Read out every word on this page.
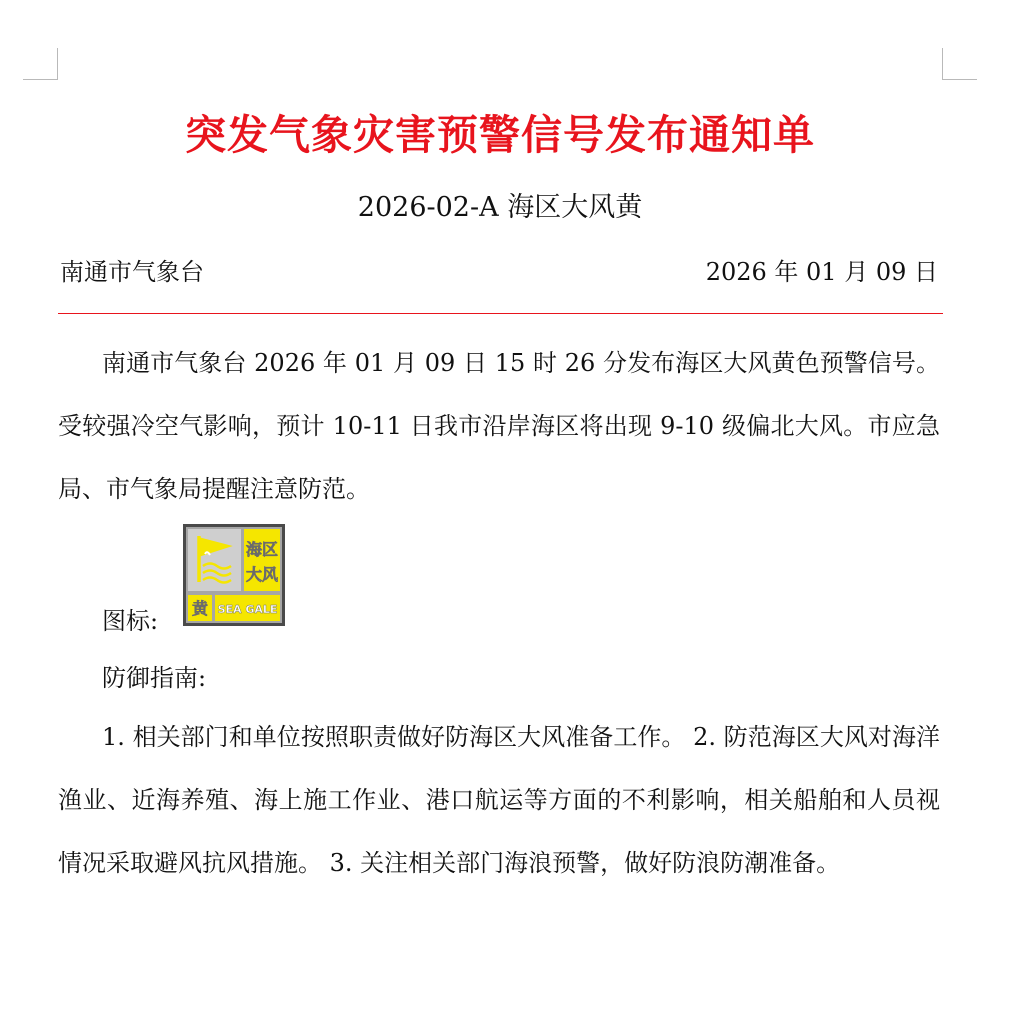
突发气象灾害预警信号发布通知单
2026-02-A 海区大风黄
南通市气象台	2026 年 01 月 09 日
南通市气象台 2026 年 01 月 09 日 15 时 26 分发布海区大风黄色预警信号。受较强冷空气影响，预计 10-11 日我市沿岸海区将出现 9-10 级偏北大风。市应急局、市气象局提醒注意防范。
图标:
海区
大风
黄 SEA GALE
防御指南:
1. 相关部门和单位按照职责做好防海区大风准备工作。 2. 防范海区大风对海洋渔业、近海养殖、海上施工作业、港口航运等方面的不利影响，相关船舶和人员视情况采取避风抗风措施。 3. 关注相关部门海浪预警，做好防浪防潮准备。
